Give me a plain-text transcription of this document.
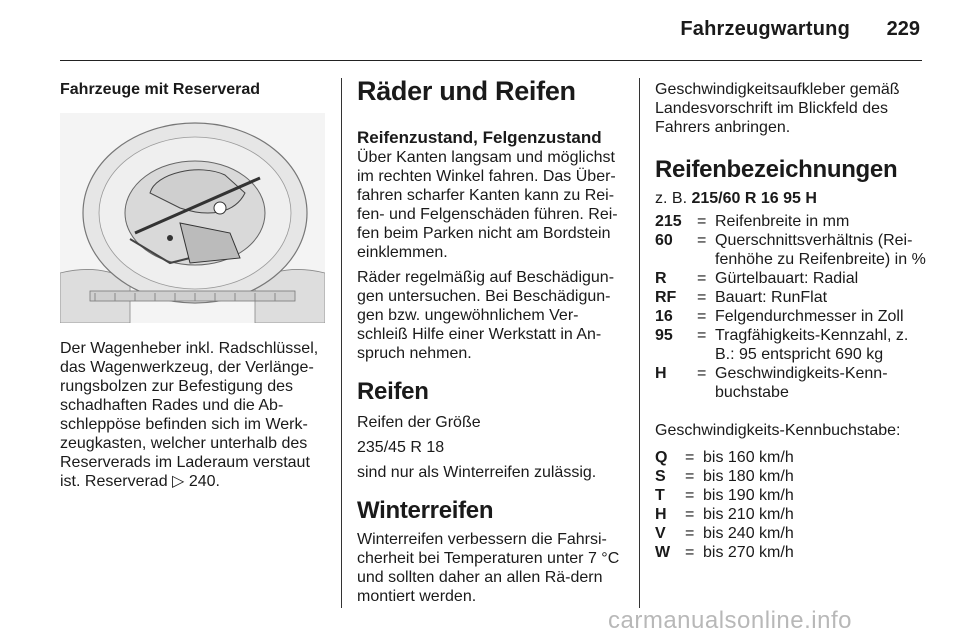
Fahrzeugwartung 229
Fahrzeuge mit Reserverad

Der Wagenheber inkl. Radschlüssel, das Wagenwerkzeug, der Verlänge-rungsbolzen zur Befestigung des schadhaften Rades und die Ab-schleppöse befinden sich im Werk-zeugkasten, welcher unterhalb des Reserverads im Laderaum verstaut ist. Reserverad ▷ 240.

Räder und Reifen
Reifenzustand, Felgenzustand

Über Kanten langsam und möglichst im rechten Winkel fahren. Das Über-fahren scharfer Kanten kann zu Rei-fen- und Felgenschäden führen. Rei-fen beim Parken nicht am Bordstein einklemmen.

Räder regelmäßig auf Beschädigun-gen untersuchen. Bei Beschädigun-gen bzw. ungewöhnlichem Ver-schleiß Hilfe einer Werkstatt in An-spruch nehmen.

Reifen

Reifen der Größe

235/45 R 18

sind nur als Winterreifen zulässig.

Winterreifen

Winterreifen verbessern die Fahrsi-cherheit bei Temperaturen unter 7 °C und sollten daher an allen Rä-dern montiert werden.

Geschwindigkeitsaufkleber gemäß Landesvorschrift im Blickfeld des Fahrers anbringen.

Reifenbezeichnungen

z. B. 215/60 R 16 95 H

215 = Reifenbreite in mm
60	= Querschnittsverhältnis (Rei-fenhöhe zu Reifenbreite) in %
R	= Gürtelbauart: Radial
RF	= Bauart: RunFlat
16	= Felgendurchmesser in Zoll
95	= Tragfähigkeits-Kennzahl, z. B.: 95 entspricht 690 kg
H	= Geschwindigkeits-Kenn-buchstabe

Geschwindigkeits-Kennbuchstabe:

Q	= bis 160 km/h
S	= bis 180 km/h
T	= bis 190 km/h
H	= bis 210 km/h
V	= bis 240 km/h
W = bis 270 km/h
carmanualsonline.info
